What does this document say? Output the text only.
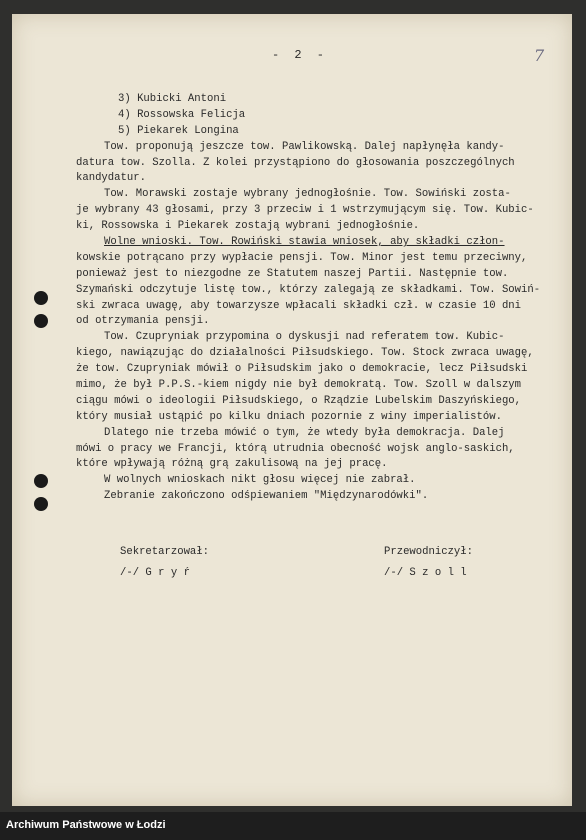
- 2 -	7
3) Kubicki Antoni
4) Rossowska Felicja
5) Piekarek Longina
Tow. proponują jeszcze tow. Pawlikowską. Dalej napłynęła kandy-
datura tow. Szolla. Z kolei przystąpiono do głosowania poszczególnych
kandydatur.
Tow. Morawski zostaje wybrany jednogłośnie. Tow. Sowiński zosta-
je wybrany 43 głosami, przy 3 przeciw i 1 wstrzymującym się. Tow. Kubic-
ki, Rossowska i Piekarek zostają wybrani jednogłośnie.
Wolne wnioski. Tow. Rowiński stawia wniosek, aby składki człon-
kowskie potrącano przy wypłacie pensji. Tow. Minor jest temu przeciwny,
ponieważ jest to niezgodne ze Statutem naszej Partii. Następnie tow.
Szymański odczytuje listę tow., którzy zalegają ze składkami. Tow. Sowiń-
ski zwraca uwagę, aby towarzysze wpłacali składki czł. w czasie 10 dni
od otrzymania pensji.
Tow. Czupryniak przypomina o dyskusji nad referatem tow. Kubic-
kiego, nawiązując do działalności Piłsudskiego. Tow. Stock zwraca uwagę,
że tow. Czupryniak mówił o Piłsudskim jako o demokracie, lecz Piłsudski
mimo, że był P.P.S.-kiem nigdy nie był demokratą. Tow. Szoll w dalszym
ciągu mówi o ideologii Piłsudskiego, o Rządzie Lubelskim Daszyńskiego,
który musiał ustąpić po kilku dniach pozornie z winy imperialistów.
Dlatego nie trzeba mówić o tym, że wtedy była demokracja. Dalej
mówi o pracy we Francji, którą utrudnia obecność wojsk anglo-saskich,
które wpływają różną grą zakulisową na jej pracę.
W wolnych wnioskach nikt głosu więcej nie zabrał.
Zebranie zakończono odśpiewaniem "Międzynarodówki".
Sekretarzował:	Przewodniczył:
/-/ G r y ŕ	/-/ S z o l l
Archiwum Państwowe w Łodzi
